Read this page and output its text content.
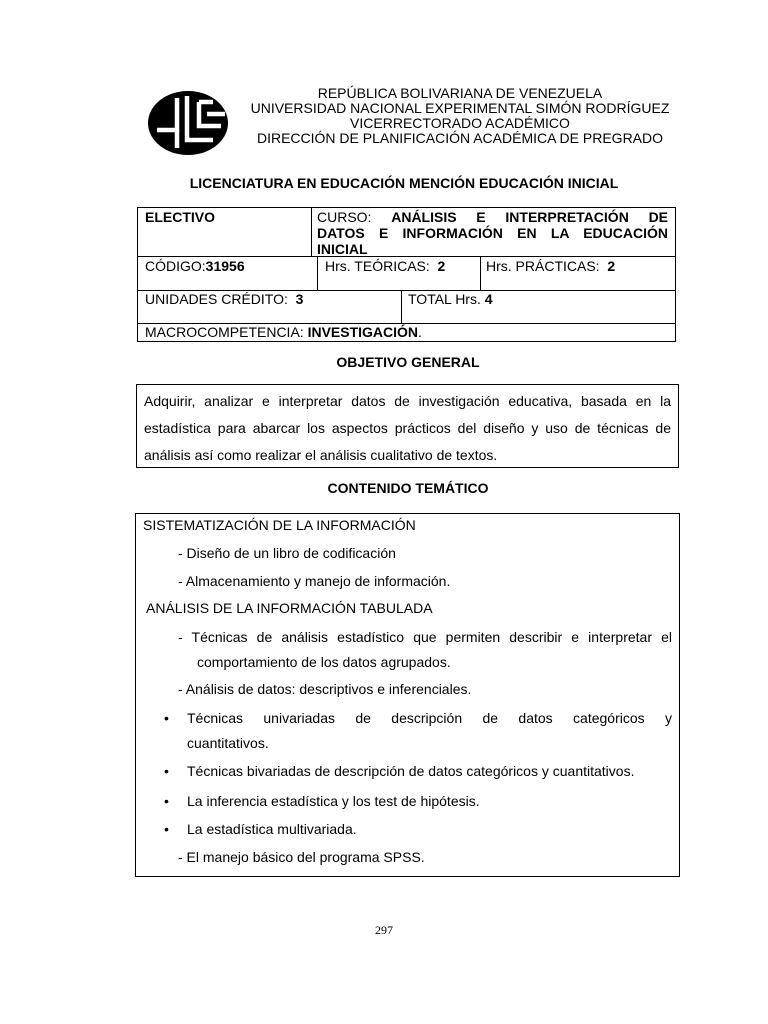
REPÚBLICA BOLIVARIANA DE VENEZUELA
UNIVERSIDAD NACIONAL EXPERIMENTAL SIMÓN RODRÍGUEZ
VICERRECTORADO ACADÉMICO
DIRECCIÓN DE PLANIFICACIÓN ACADÉMICA DE PREGRADO
LICENCIATURA EN EDUCACIÓN MENCIÓN EDUCACIÓN INICIAL
ELECTIVO	CURSO: ANÁLISIS E INTERPRETACIÓN DE
DATOS E INFORMACIÓN EN LA EDUCACIÓN
INICIAL
CÓDIGO:31956	Hrs. TEÓRICAS: 2	Hrs. PRÁCTICAS: 2
UNIDADES CRÉDITO: 3	TOTAL Hrs. 4
MACROCOMPETENCIA: INVESTIGACIÓN.
OBJETIVO GENERAL
Adquirir, analizar e interpretar datos de investigación educativa, basada en la
estadística para abarcar los aspectos prácticos del diseño y uso de técnicas de
análisis así como realizar el análisis cualitativo de textos.
CONTENIDO TEMÁTICO
SISTEMATIZACIÓN DE LA INFORMACIÓN
- Diseño de un libro de codificación
- Almacenamiento y manejo de información.
ANÁLISIS DE LA INFORMACIÓN TABULADA
- Técnicas de análisis estadístico que permiten describir e interpretar el
comportamiento de los datos agrupados.
- Análisis de datos: descriptivos e inferenciales.
• Técnicas univariadas de descripción de datos categóricos y
cuantitativos.
• Técnicas bivariadas de descripción de datos categóricos y cuantitativos.
• La inferencia estadística y los test de hipótesis.
• La estadística multivariada.
- El manejo básico del programa SPSS.
297
